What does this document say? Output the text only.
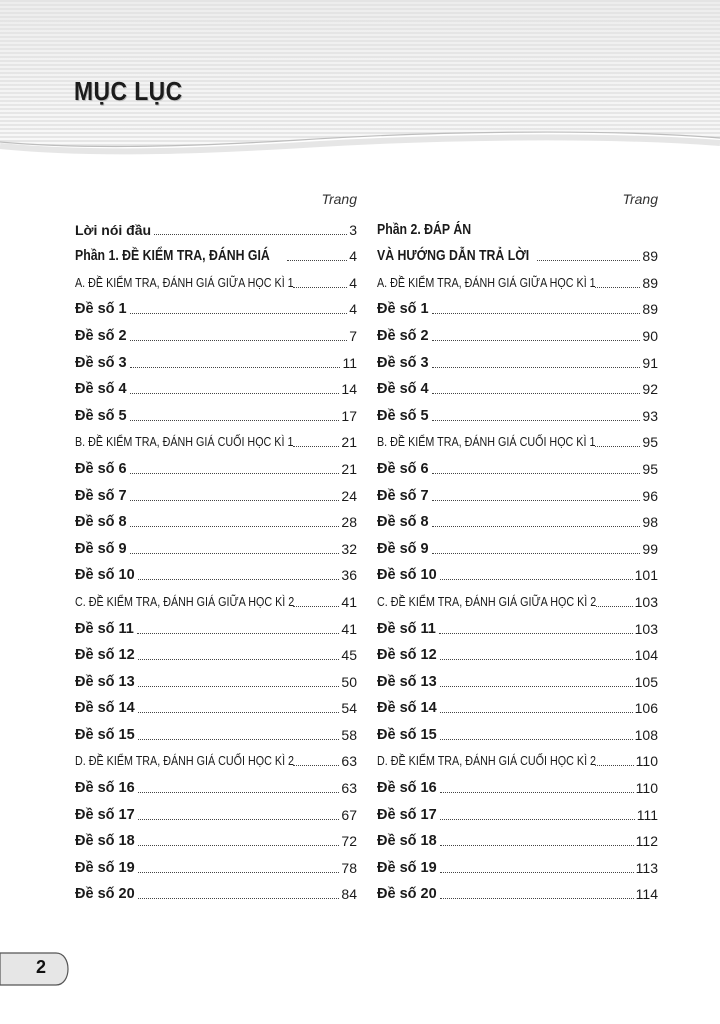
MỤC LỤC
Trang
Lời nói đầu	3
Phần 1. ĐỀ KIỂM TRA, ĐÁNH GIÁ	4
A. ĐỀ KIỂM TRA, ĐÁNH GIÁ GIỮA HỌC KÌ 1	4
Đề số 1	4
Đề số 2	7
Đề số 3	11
Đề số 4	14
Đề số 5	17
B. ĐỀ KIỂM TRA, ĐÁNH GIÁ CUỐI HỌC KÌ 1	21
Đề số 6	21
Đề số 7	24
Đề số 8	28
Đề số 9	32
Đề số 10	36
C. ĐỀ KIỂM TRA, ĐÁNH GIÁ GIỮA HỌC KÌ 2	41
Đề số 11	41
Đề số 12	45
Đề số 13	50
Đề số 14	54
Đề số 15	58
D. ĐỀ KIỂM TRA, ĐÁNH GIÁ CUỐI HỌC KÌ 2	63
Đề số 16	63
Đề số 17	67
Đề số 18	72
Đề số 19	78
Đề số 20	84
Trang
Phần 2. ĐÁP ÁN
VÀ HƯỚNG DẪN TRẢ LỜI	89
A. ĐỀ KIỂM TRA, ĐÁNH GIÁ GIỮA HỌC KÌ 1	89
Đề số 1	89
Đề số 2	90
Đề số 3	91
Đề số 4	92
Đề số 5	93
B. ĐỀ KIỂM TRA, ĐÁNH GIÁ CUỐI HỌC KÌ 1	95
Đề số 6	95
Đề số 7	96
Đề số 8	98
Đề số 9	99
Đề số 10	101
C. ĐỀ KIỂM TRA, ĐÁNH GIÁ GIỮA HỌC KÌ 2	103
Đề số 11	103
Đề số 12	104
Đề số 13	105
Đề số 14	106
Đề số 15	108
D. ĐỀ KIỂM TRA, ĐÁNH GIÁ CUỐI HỌC KÌ 2	110
Đề số 16	110
Đề số 17	111
Đề số 18	112
Đề số 19	113
Đề số 20	114
2
